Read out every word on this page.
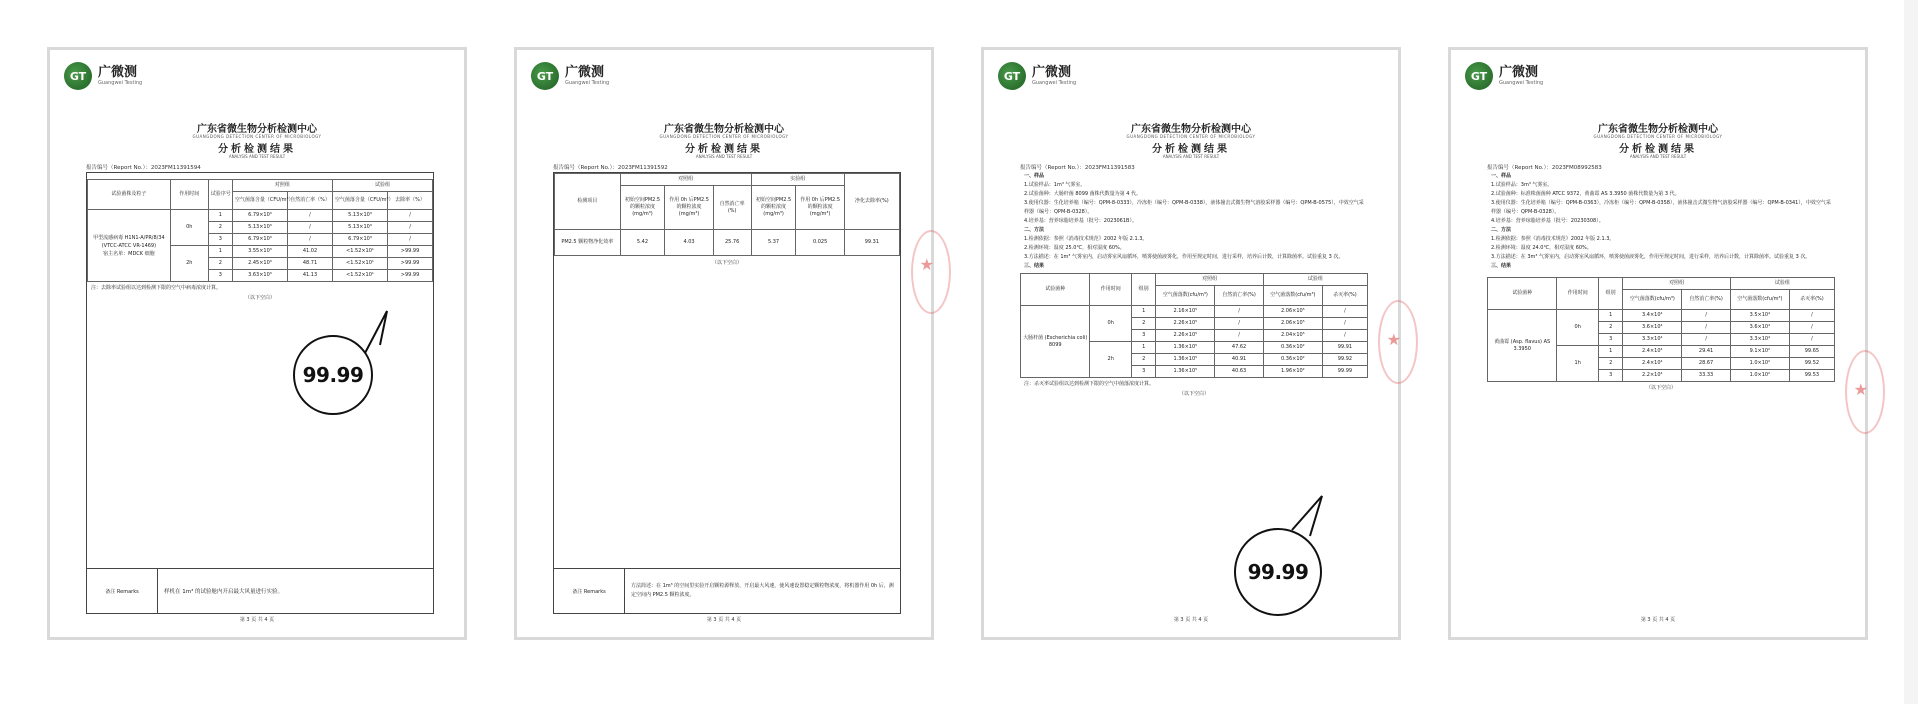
GT 广微测
Guangwei Testing
广东省微生物分析检测中心
GUANGDONG DETECTION CENTER OF MICROBIOLOGY
分析检测结果
ANALYSIS AND TEST RESULT
报告编号（Report No.）：2023FM11391594
试验菌株及粒子	作用时间	试验序号	对照组		试验组	
			空气菌落含量（CFU/m³）	自然消亡率（%）	空气菌落含量（CFU/m³）	去除率（%）
甲型流感病毒 H1N1-A/PR/8/34 (VTCC-ATCC VR-1469)
宿主名单：MDCK 细胞	0h	1	6.79×10³	/	5.13×10³	/
		2	5.13×10³	/	5.13×10³	/
		3	6.79×10³	/	6.79×10³	/
	2h	1	3.55×10³	41.02	<1.52×10¹	>99.99
		2	2.45×10³	48.71	<1.52×10¹	>99.99
		3	3.63×10³	41.13	<1.52×10¹	>99.99
注：去除率试验组以达到检测下限的空气中病毒浓度计算。
（以下空白）
备注 Remarks	样机在 1m³ 的试验舱内开启最大风量进行实验。
99.99
第 3 页 共 4 页
GT 广微测
Guangwei Testing
广东省微生物分析检测中心
GUANGDONG DETECTION CENTER OF MICROBIOLOGY
分析检测结果
ANALYSIS AND TEST RESULT
报告编号（Report No.）：2023FM11391592
检测项目	对照组			实验组		净化去除率(%)
	初始空间PM2.5的颗粒浓度(mg/m³)	作用 0h 后PM2.5 的颗粒浓度(mg/m³)	自然消亡率(%)	初始空间PM2.5的颗粒浓度(mg/m³)	作用 0h 后PM2.5 的颗粒浓度(mg/m³)	
PM2.5 颗粒物净化效率	5.42	4.03	25.76	5.37	0.025	99.31
（以下空白）
备注 Remarks
方法简述：在 1m³ 的空间里实验开启颗粒源释放，开启最大风速，使风速设置稳定颗粒物浓度，将机器作用 0h 后，测定空间内 PM2.5 颗粒浓度。
★
第 3 页 共 4 页
GT 广微测
Guangwei Testing
广东省微生物分析检测中心
GUANGDONG DETECTION CENTER OF MICROBIOLOGY
分析检测结果
ANALYSIS AND TEST RESULT
报告编号（Report No.）：2023FM11391583
一、样品
1.试验样品：1m³ 气雾室。
2.试验菌种：大肠杆菌 8099 菌株代数量为第 4 代。
3.使用仪器：生化培养箱（编号：QPM-8-0333），冷冻柜（编号：QPM-B-0338），液体撞击式微生物气溶胶采样器（编号：QPM-B-0575），中效空气采样器（编号：QPM-B-0328）。
4.培养基：营养琼脂培养基（批号：2023061B）。
二、方法
1.检测依据：参照《消毒技术规范》2002 年版 2.1.3。
2.检测环境：温度 25.0℃，相对湿度 60%。
3.方法描述：在 1m³ 气雾室内，启动雾室风扇循环，喷雾使菌液雾化，作用至规定时间，进行采样，培养后计数，计算除菌率。试验重复 3 次。
三、结果
试验菌种	作用时间	组别	对照组		试验组	
			空气菌落数(cfu/m³)	自然消亡率(%)	空气菌落数(cfu/m³)	杀灭率(%)
大肠杆菌 (Escherichia coli) 8099	0h	1	2.16×10⁵	/	2.06×10⁵	/
		2	2.26×10⁵	/	2.06×10⁵	/
		3	2.26×10⁵	/	2.04×10⁵	/
	2h	1	1.36×10⁵	47.62	0.36×10²	99.91
		2	1.36×10⁵	40.91	0.36×10²	99.92
		3	1.36×10⁵	40.63	1.96×10²	99.99
注：杀灭率试验组以达到检测下限的空气中菌落浓度计算。
（以下空白）
99.99
★
第 3 页 共 4 页
GT 广微测
Guangwei Testing
广东省微生物分析检测中心
GUANGDONG DETECTION CENTER OF MICROBIOLOGY
分析检测结果
ANALYSIS AND TEST RESULT
报告编号（Report No.）：2023FM08992583
一、样品
1.试验样品：3m³ 气雾室。
2.试验菌种：标准株菌菌种 ATCC 9372，黄曲霉 AS 3.3950 菌株代数量为第 3 代。
3.使用仪器：生化培养箱（编号：QPM-B-0363），冷冻柜（编号：QPM-B-0358），液体撞击式微生物气溶胶采样器（编号：QPM-B-0341），中效空气采样器（编号：QPM-B-0328）。
4.培养基：营养琼脂培养基（批号：20230308）。
二、方法
1.检测依据：参照《消毒技术规范》2002 年版 2.1.3。
2.检测环境：温度 24.0℃，相对湿度 60%。
3.方法描述：在 3m³ 气雾室内，启动雾室风扇循环，喷雾使菌液雾化，作用至规定时间，进行采样，培养后计数，计算除菌率。试验重复 3 次。
三、结果
试验菌种	作用时间	组别	对照组		试验组	
			空气菌落数(cfu/m³)	自然消亡率(%)	空气菌落数(cfu/m³)	杀灭率(%)
黄曲霉 (Asp. flavus) AS 3.3950	0h	1	3.4×10⁴	/	3.5×10⁴	/
		2	3.6×10⁴	/	3.6×10⁴	/
		3	3.3×10⁴	/	3.3×10⁴	/
	1h	1	2.4×10⁴	29.41	9.1×10²	99.65
		2	2.4×10⁴	28.67	1.0×10²	99.52
		3	2.2×10⁴	33.33	1.0×10²	99.53
（以下空白）	★
第 3 页 共 4 页
